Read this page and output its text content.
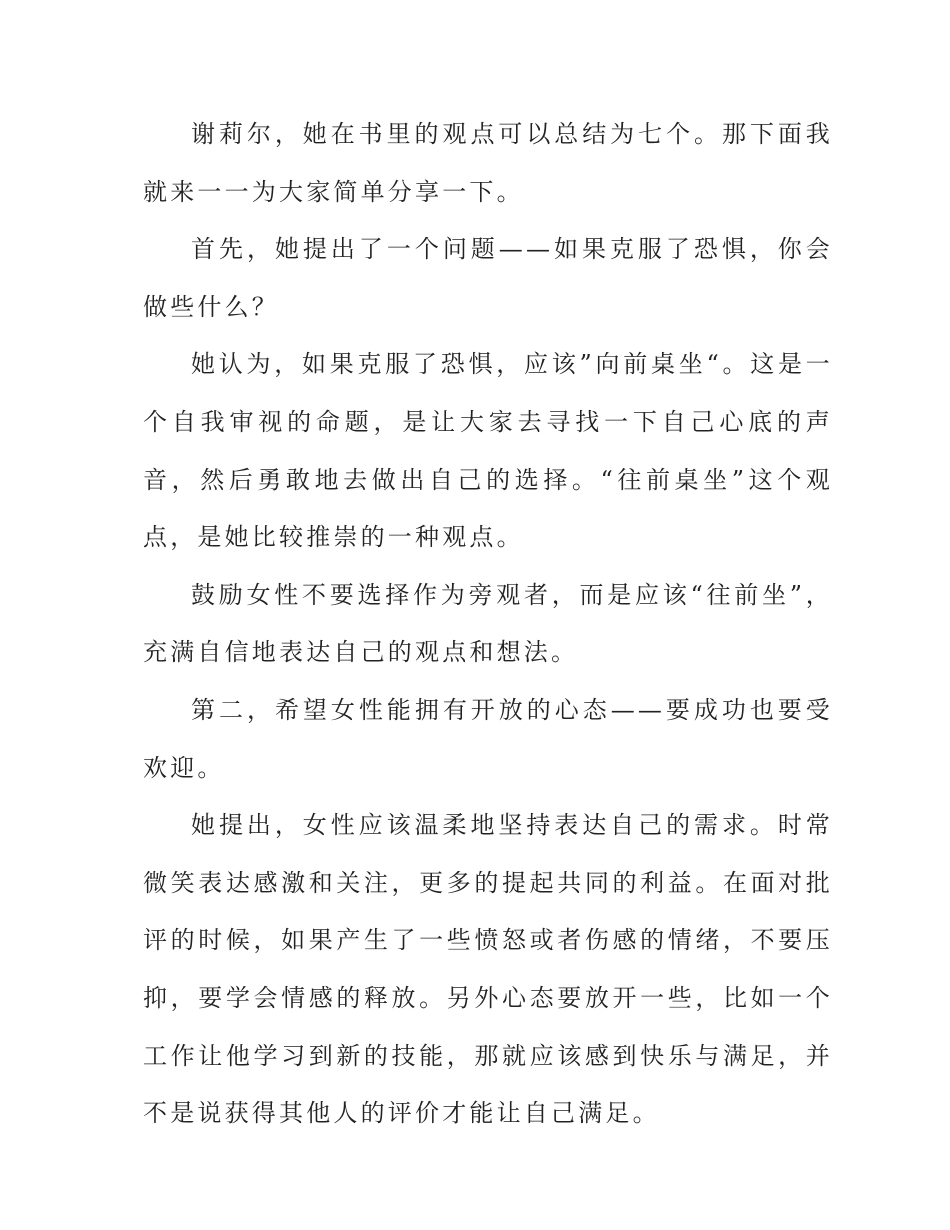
谢莉尔，她在书里的观点可以总结为七个。那下面我就来一一为大家简单分享一下。

首先，她提出了一个问题——如果克服了恐惧，你会做些什么？

她认为，如果克服了恐惧，应该”向前桌坐“。这是一个自我审视的命题，是让大家去寻找一下自己心底的声音，然后勇敢地去做出自己的选择。“往前桌坐”这个观点，是她比较推崇的一种观点。

鼓励女性不要选择作为旁观者，而是应该“往前坐”，充满自信地表达自己的观点和想法。

第二，希望女性能拥有开放的心态——要成功也要受欢迎。

她提出，女性应该温柔地坚持表达自己的需求。时常微笑表达感激和关注，更多的提起共同的利益。在面对批评的时候，如果产生了一些愤怒或者伤感的情绪，不要压抑，要学会情感的释放。另外心态要放开一些，比如一个工作让他学习到新的技能，那就应该感到快乐与满足，并不是说获得其他人的评价才能让自己满足。
